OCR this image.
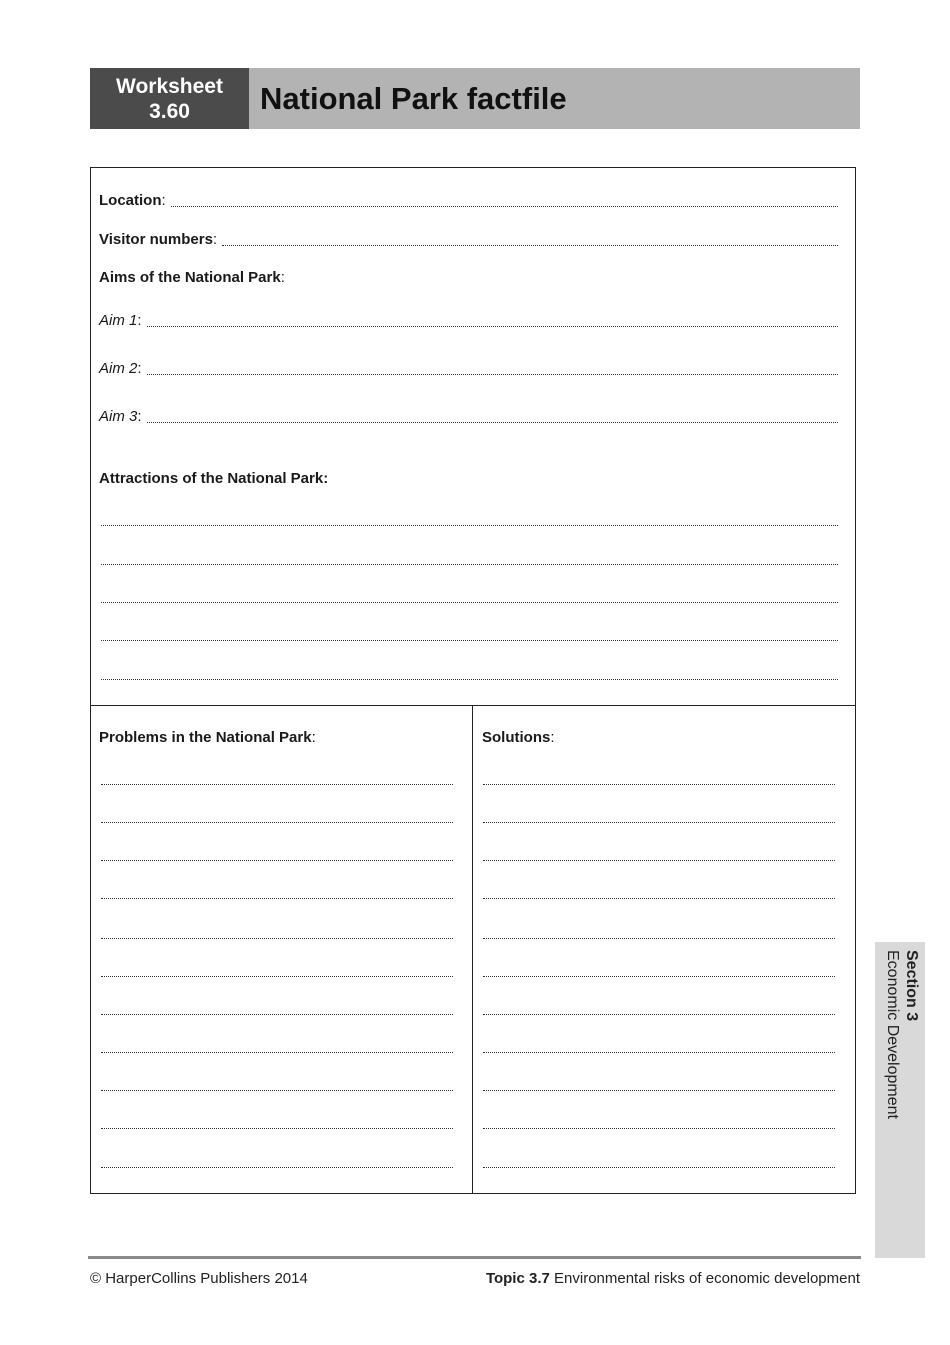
Worksheet
3.60 National Park factfile
Location:
Visitor numbers:
Aims of the National Park:
Aim 1:
Aim 2:
Aim 3:
Attractions of the National Park:
Problems in the National Park:	Solutions:
Section 3
Economic Development
© HarperCollins Publishers 2014	Topic 3.7 Environmental risks of economic development
